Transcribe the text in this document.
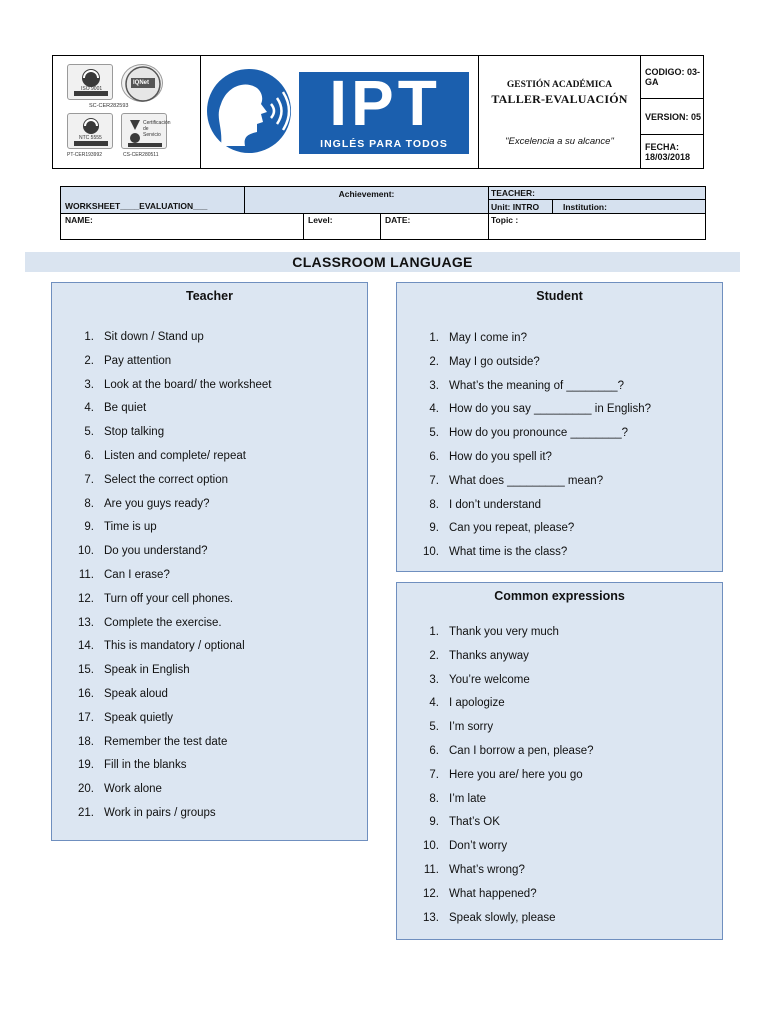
ISO 9001
IQNet
SC-CER282593
NTC 5555
Certificación de Servicio
PT-CER193992	CS-CER280511
IPT
INGLÉS PARA TODOS
GESTIÓN ACADÉMICA
TALLER-EVALUACIÓN
"Excelencia a su alcance"
CODIGO: 03-GA
VERSION: 05
FECHA: 18/03/2018
WORKSHEET____EVALUATION___
Achievement:	TEACHER:
Unit: INTRO	Institution:
NAME:	Level:	DATE:	Topic :
CLASSROOM LANGUAGE
Teacher
1. Sit down / Stand up
2. Pay attention
3. Look at the board/ the worksheet
4. Be quiet
5. Stop talking
6. Listen and complete/ repeat
7. Select the correct option
8. Are you guys ready?
9. Time is up
10. Do you understand?
11. Can I erase?
12. Turn off your cell phones.
13. Complete the exercise.
14. This is mandatory / optional
15. Speak in English
16. Speak aloud
17. Speak quietly
18. Remember the test date
19. Fill in the blanks
20. Work alone
21. Work in pairs / groups
Student
1. May I come in?
2. May I go outside?
3. What’s the meaning of ________?
4. How do you say _________ in English?
5. How do you pronounce ________?
6. How do you spell it?
7. What does _________ mean?
8. I don’t understand
9. Can you repeat, please?
10. What time is the class?
Common expressions
1. Thank you very much
2. Thanks anyway
3. You’re welcome
4. I apologize
5. I’m sorry
6. Can I borrow a pen, please?
7. Here you are/ here you go
8. I’m late
9. That’s OK
10. Don’t worry
11. What’s wrong?
12. What happened?
13. Speak slowly, please
